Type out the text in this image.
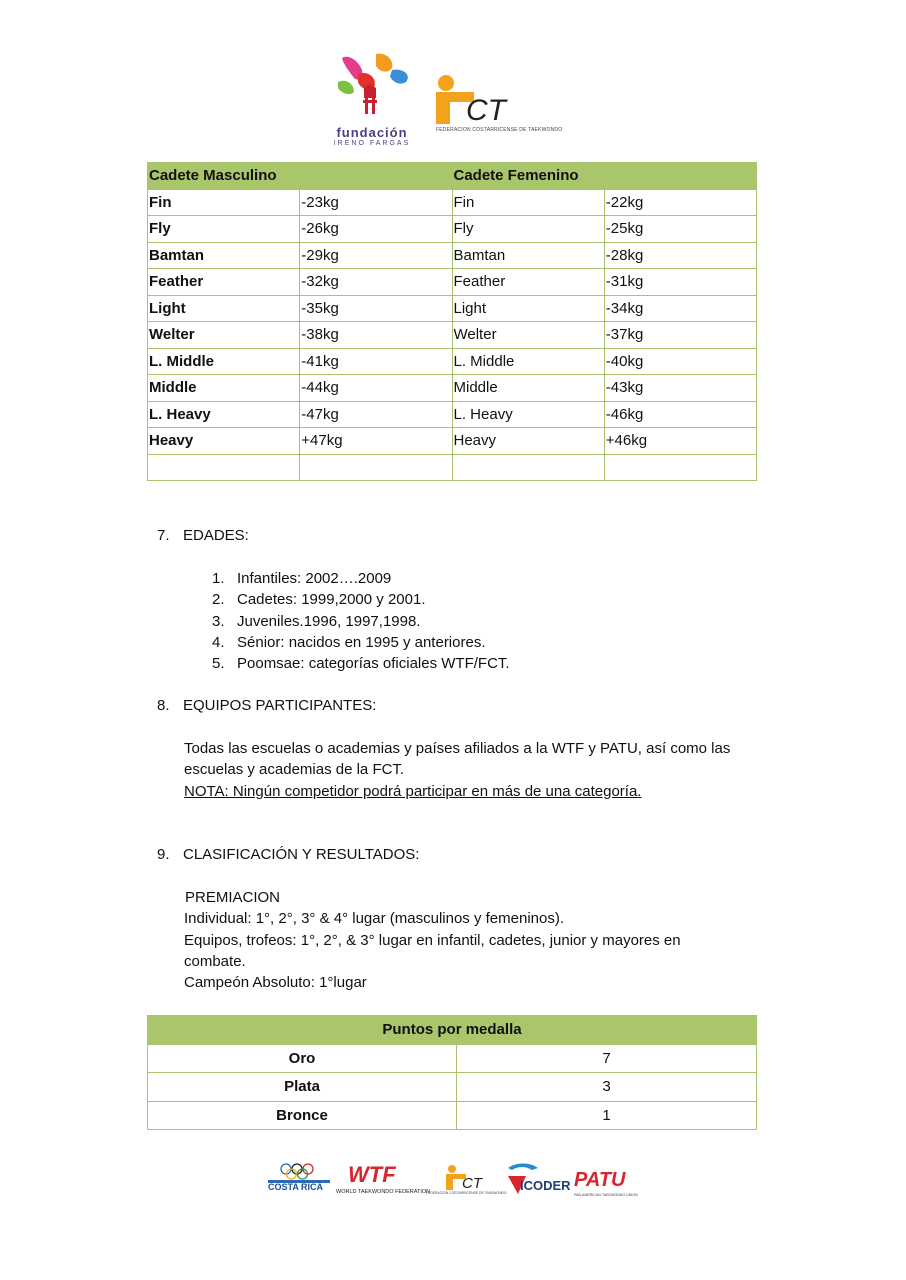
fundación
IRENO FARGAS
CT
FEDERACION COSTARRICENSE DE TAEKWONDO
Cadete Masculino		Cadete Femenino	
Fin	-23kg	Fin	-22kg
Fly	-26kg	Fly	-25kg
Bamtan	-29kg	Bamtan	-28kg
Feather	-32kg	Feather	-31kg
Light	-35kg	Light	-34kg
Welter	-38kg	Welter	-37kg
L. Middle	-41kg	L. Middle	-40kg
Middle	-44kg	Middle	-43kg
L. Heavy	-47kg	L. Heavy	-46kg
Heavy	+47kg	Heavy	+46kg

7. EDADES:
1. Infantiles: 2002….2009
2. Cadetes: 1999,2000 y 2001.
3. Juveniles.1996, 1997,1998.
4. Sénior: nacidos en 1995 y anteriores.
5. Poomsae: categorías oficiales WTF/FCT.
8. EQUIPOS PARTICIPANTES:
Todas las escuelas o academias y países afiliados a la WTF y PATU, así como las
escuelas y academias de la FCT.
NOTA: Ningún competidor podrá participar en más de una categoría.
9. CLASIFICACIÓN Y RESULTADOS:
PREMIACION
Individual: 1°, 2°, 3° & 4° lugar (masculinos y femeninos).
Equipos, trofeos: 1°, 2°, & 3° lugar en infantil, cadetes, junior y mayores en
combate.
Campeón Absoluto: 1°lugar
Puntos por medalla	
Oro	7
Plata	3
Bronce	1
COSTA RICA WTF
WORLD TAEKWONDO FEDERATION CT
FEDERACION COSTARRICENSE DE TAEKWONDO ICODER PATU
PAN AMERICAN TAEKWONDO UNION
